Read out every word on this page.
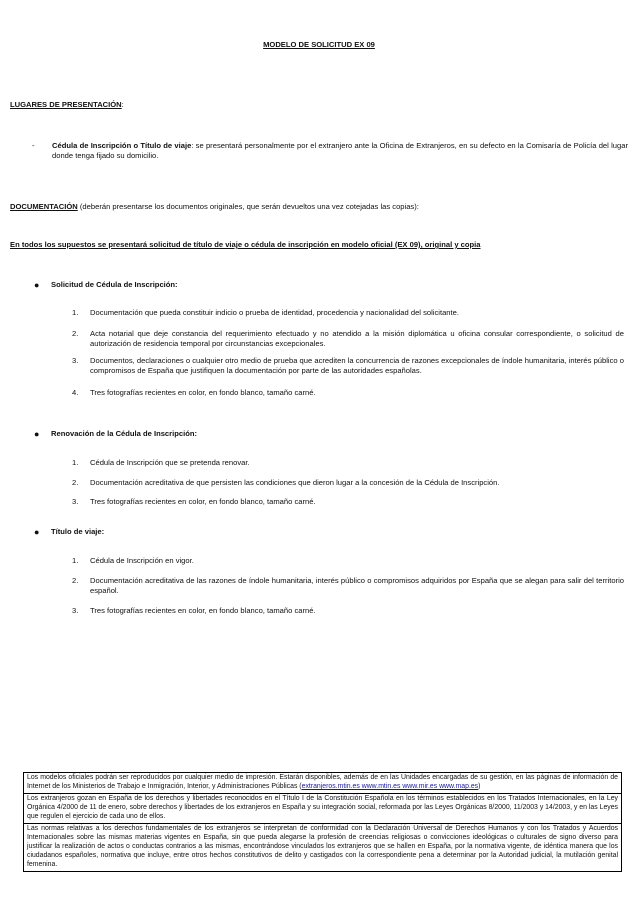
MODELO DE SOLICITUD EX 09
LUGARES DE PRESENTACIÓN:
- Cédula de Inscripción o Título de viaje: se presentará personalmente por el extranjero ante la Oficina de Extranjeros, en su defecto en la Comisaría de Policía del lugar donde tenga fijado su domicilio.
DOCUMENTACIÓN (deberán presentarse los documentos originales, que serán devueltos una vez cotejadas las copias):
En todos los supuestos se presentará solicitud de título de viaje o cédula de inscripción en modelo oficial (EX 09), original y copia
● Solicitud de Cédula de Inscripción:
1. Documentación que pueda constituir indicio o prueba de identidad, procedencia y nacionalidad del solicitante.
2. Acta notarial que deje constancia del requerimiento efectuado y no atendido a la misión diplomática u oficina consular correspondiente, o solicitud de autorización de residencia temporal por circunstancias excepcionales.
3. Documentos, declaraciones o cualquier otro medio de prueba que acrediten la concurrencia de razones excepcionales de índole humanitaria, interés público o compromisos de España que justifiquen la documentación por parte de las autoridades españolas.
4. Tres fotografías recientes en color, en fondo blanco, tamaño carné.
● Renovación de la Cédula de Inscripción:
1. Cédula de Inscripción que se pretenda renovar.
2. Documentación acreditativa de que persisten las condiciones que dieron lugar a la concesión de la Cédula de Inscripción.
3. Tres fotografías recientes en color, en fondo blanco, tamaño carné.
● Título de viaje:
1. Cédula de Inscripción en vigor.
2. Documentación acreditativa de las razones de índole humanitaria, interés público o compromisos adquiridos por España que se alegan para salir del territorio español.
3. Tres fotografías recientes en color, en fondo blanco, tamaño carné.

Los modelos oficiales podrán ser reproducidos por cualquier medio de impresión. Estarán disponibles, además de en las Unidades encargadas de su gestión, en las páginas de información de Internet de los Ministerios de Trabajo e Inmigración, Interior, y Administraciones Públicas (extranjeros.mtin.es www.mtin.es www.mir.es www.map.es)

Los extranjeros gozan en España de los derechos y libertades reconocidos en el Título I de la Constitución Española en los términos establecidos en los Tratados Internacionales, en la Ley Orgánica 4/2000 de 11 de enero, sobre derechos y libertades de los extranjeros en España y su integración social, reformada por las Leyes Orgánicas 8/2000, 11/2003 y 14/2003, y en las Leyes que regulen el ejercicio de cada uno de ellos.

Las normas relativas a los derechos fundamentales de los extranjeros se interpretan de conformidad con la Declaración Universal de Derechos Humanos y con los Tratados y Acuerdos Internacionales sobre las mismas materias vigentes en España, sin que pueda alegarse la profesión de creencias religiosas o convicciones ideológicas o culturales de signo diverso para justificar la realización de actos o conductas contrarios a las mismas, encontrándose vinculados los extranjeros que se hallen en España, por la normativa vigente, de idéntica manera que los ciudadanos españoles, normativa que incluye, entre otros hechos constitutivos de delito y castigados con la correspondiente pena a determinar por la Autoridad judicial, la mutilación genital femenina.
